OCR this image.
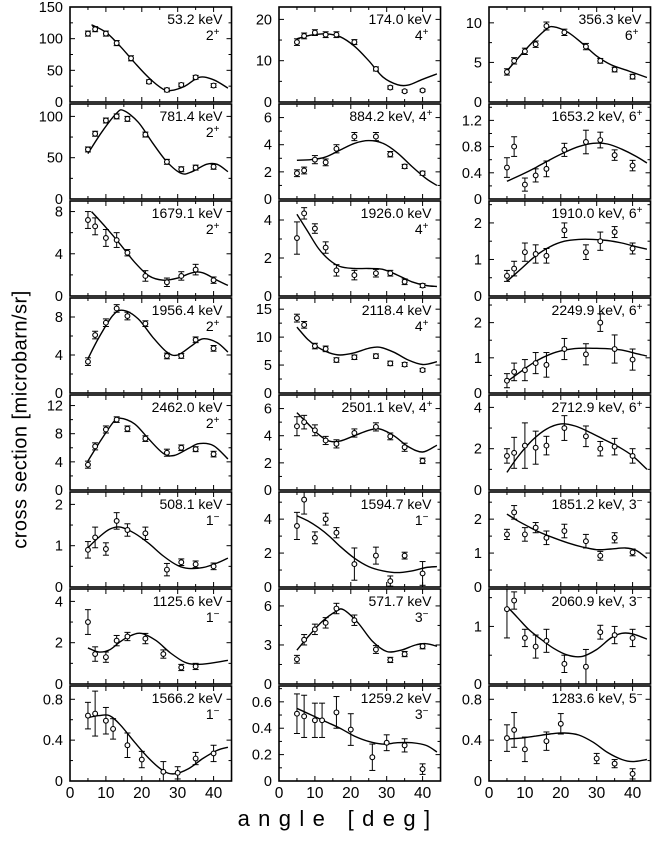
cross section [microbarn/sr]
0
50
100
150
53.2 keV
2+
0
10
20	174.0 keV
4+
0
5
10	356.3 keV
6+
0
50
100	781.4 keV
2+
0
2
4
6	884.2 keV, 4+
0
0.4
0.8
1.2	1653.2 keV, 6+
0
4
8	1679.1 keV
2+
0
2
4
1926.0 keV
4+
0
1
2
1910.0 keV, 6+
0
4
8
1956.4 keV
2+
0
5
10
15	2118.4 keV
4+
0
1
2
2249.9 keV, 6+
0
4
8
12	2462.0 keV
2+
0
2
4
6	2501.1 keV, 4+
0
2
4	2712.9 keV, 6+
0
1
2	508.1 keV
1−
0
2
4
1594.7 keV
1−
0
1
2
1851.2 keV, 3−
0
2
4	1125.6 keV
1−
0
3
6	571.7 keV
3−
0
1
2060.9 keV, 3−
0
0.4
0.8
0 10 20 30 40
1566.2 keV
1−
0
0.2
0.4
0.6
0 10 20 30 40
1259.2 keV
3−
0
0.4
0.8
0 10 20 30 40
1283.6 keV, 5−
angle [deg]
